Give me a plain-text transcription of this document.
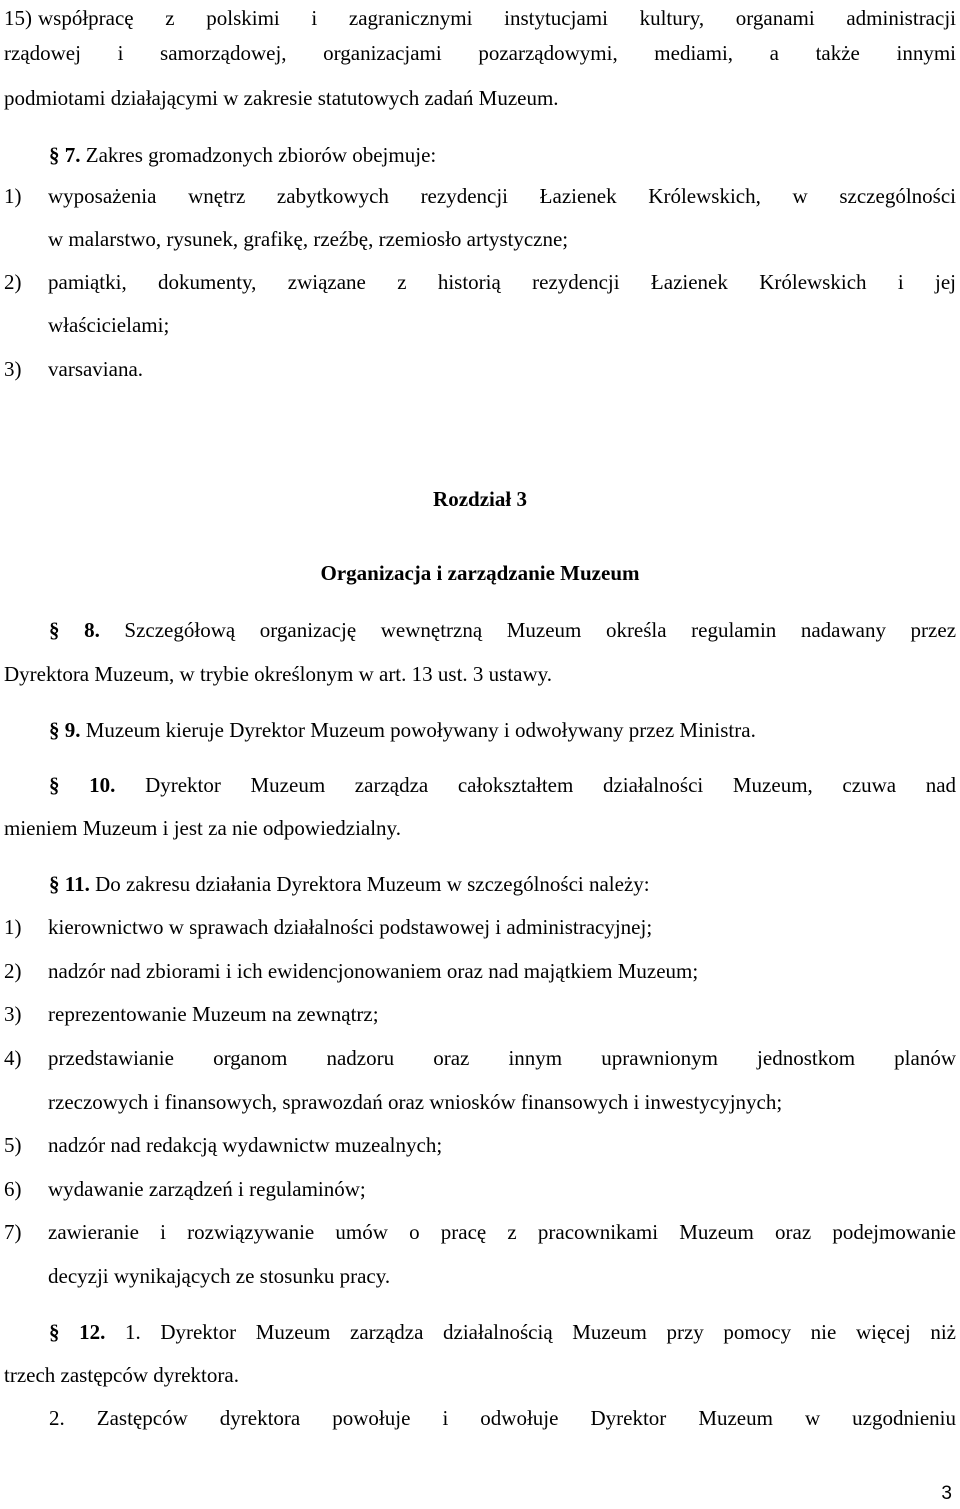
15) współpracę z polskimi i zagranicznymi instytucjami kultury, organami administracji
rządowej i samorządowej, organizacjami pozarządowymi, mediami, a także innymi
podmiotami działającymi w zakresie statutowych zadań Muzeum.
§ 7. Zakres gromadzonych zbiorów obejmuje:
1) wyposażenia wnętrz zabytkowych rezydencji Łazienek Królewskich, w szczególności
w malarstwo, rysunek, grafikę, rzeźbę, rzemiosło artystyczne;
2) pamiątki, dokumenty, związane z historią rezydencji Łazienek Królewskich i jej
właścicielami;
3) varsaviana.
Rozdział 3
Organizacja i zarządzanie Muzeum
§ 8. Szczegółową organizację wewnętrzną Muzeum określa regulamin nadawany przez
Dyrektora Muzeum, w trybie określonym w art. 13 ust. 3 ustawy.
§ 9. Muzeum kieruje Dyrektor Muzeum powoływany i odwoływany przez Ministra.
§ 10. Dyrektor Muzeum zarządza całokształtem działalności Muzeum, czuwa nad
mieniem Muzeum i jest za nie odpowiedzialny.
§ 11. Do zakresu działania Dyrektora Muzeum w szczególności należy:
1) kierownictwo w sprawach działalności podstawowej i administracyjnej;
2) nadzór nad zbiorami i ich ewidencjonowaniem oraz nad majątkiem Muzeum;
3) reprezentowanie Muzeum na zewnątrz;
4) przedstawianie organom nadzoru oraz innym uprawnionym jednostkom planów
rzeczowych i finansowych, sprawozdań oraz wniosków finansowych i inwestycyjnych;
5) nadzór nad redakcją wydawnictw muzealnych;
6) wydawanie zarządzeń i regulaminów;
7) zawieranie i rozwiązywanie umów o pracę z pracownikami Muzeum oraz podejmowanie
decyzji wynikających ze stosunku pracy.
§ 12. 1. Dyrektor Muzeum zarządza działalnością Muzeum przy pomocy nie więcej niż
trzech zastępców dyrektora.
2. Zastępców dyrektora powołuje i odwołuje Dyrektor Muzeum w uzgodnieniu
3
